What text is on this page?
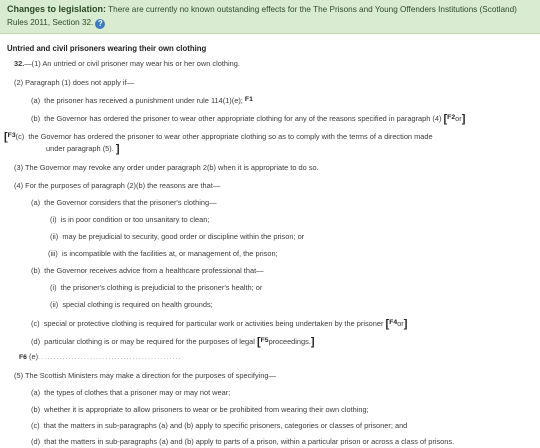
Changes to legislation: There are currently no known outstanding effects for the The Prisons and Young Offenders Institutions (Scotland) Rules 2011, Section 32. ?
Untried and civil prisoners wearing their own clothing
32.—(1) An untried or civil prisoner may wear his or her own clothing.
(2) Paragraph (1) does not apply if—
(a) the prisoner has received a punishment under rule 114(1)(e); F1
(b) the Governor has ordered the prisoner to wear other appropriate clothing for any of the reasons specified in paragraph (4) [F2or]
[F3(c) the Governor has ordered the prisoner to wear other appropriate clothing so as to comply with the terms of a direction made
under paragraph (5). ]
(3) The Governor may revoke any order under paragraph 2(b) when it is appropriate to do so.
(4) For the purposes of paragraph (2)(b) the reasons are that—
(a) the Governor considers that the prisoner's clothing—
(i) is in poor condition or too unsanitary to clean;
(ii) may be prejudicial to security, good order or discipline within the prison; or
(iii) is incompatible with the facilities at, or management of, the prison;
(b) the Governor receives advice from a healthcare professional that—
(i) the prisoner's clothing is prejudicial to the prisoner's health; or
(ii) special clothing is required on health grounds;
(c) special or protective clothing is required for particular work or activities being undertaken by the prisoner [F4or]
(d) particular clothing is or may be required for the purposes of legal [F5proceedings.]
F6 (e)...............................................
(5) The Scottish Ministers may make a direction for the purposes of specifying—
(a) the types of clothes that a prisoner may or may not wear;
(b) whether it is appropriate to allow prisoners to wear or be prohibited from wearing their own clothing;
(c) that the matters in sub-paragraphs (a) and (b) apply to specific prisoners, categories or classes of prisoner; and
(d) that the matters in sub-paragraphs (a) and (b) apply to parts of a prison, within a particular prison or across a class of prisons.
